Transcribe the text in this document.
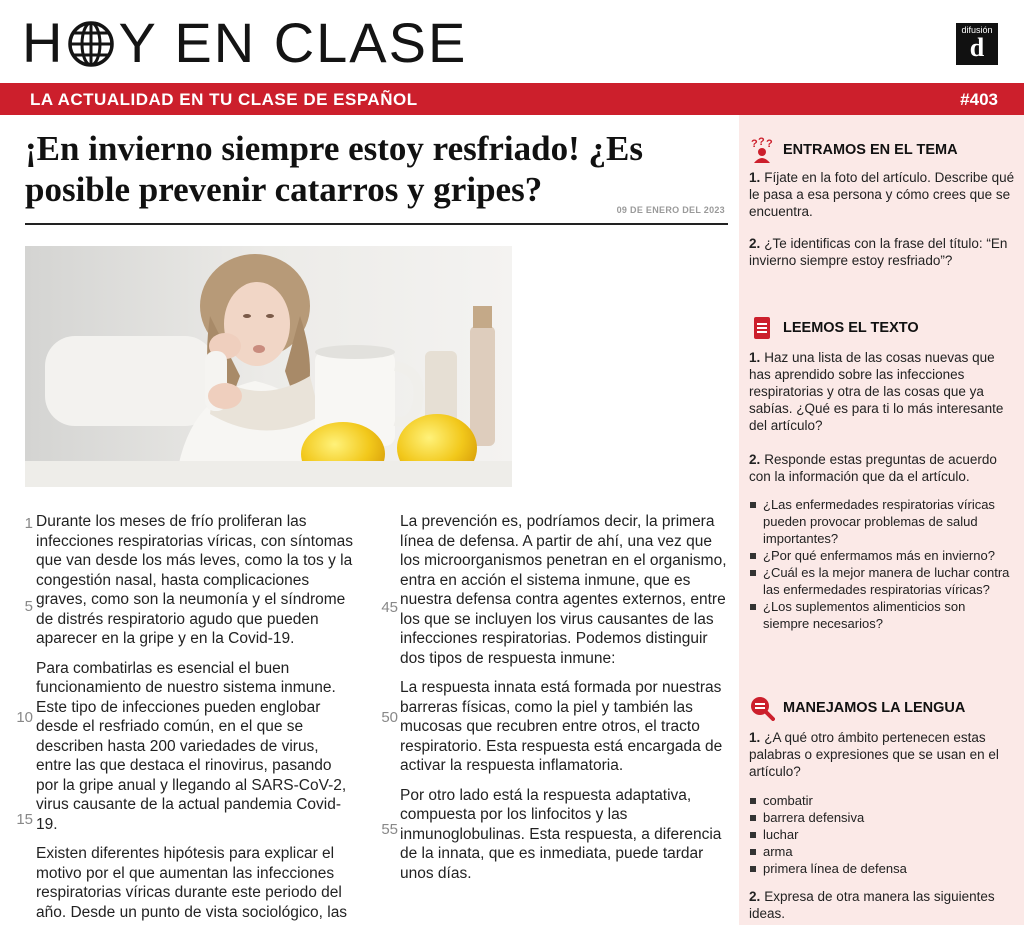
H Y EN CLASE	difusión
d
LA ACTUALIDAD EN TU CLASE DE ESPAÑOL	#403
¡En invierno siempre estoy resfriado! ¿Es posible prevenir catarros y gripes?
09 DE ENERO DEL 2023
1
5
10
15
45
50
55

Durante los meses de frío proliferan las infecciones respiratorias víricas, con síntomas que van desde los más leves, como la tos y la congestión nasal, hasta complicaciones graves, como son la neumonía y el síndrome de distrés respiratorio agudo que pueden aparecer en la gripe y en la Covid-19.

Para combatirlas es esencial el buen funcionamiento de nuestro sistema inmune. Este tipo de infecciones pueden englobar desde el resfriado común, en el que se describen hasta 200 variedades de virus, entre las que destaca el rinovirus, pasando por la gripe anual y llegando al SARS-CoV-2, virus causante de la actual pandemia Covid-19.

Existen diferentes hipótesis para explicar el motivo por el que aumentan las infecciones respiratorias víricas durante este periodo del año. Desde un punto de vista sociológico, las

La prevención es, podríamos decir, la primera línea de defensa. A partir de ahí, una vez que los microorganismos penetran en el organismo, entra en acción el sistema inmune, que es nuestra defensa contra agentes externos, entre los que se incluyen los virus causantes de las infecciones respiratorias. Podemos distinguir dos tipos de respuesta inmune:

La respuesta innata está formada por nuestras barreras físicas, como la piel y también las mucosas que recubren entre otros, el tracto respiratorio. Esta respuesta está encargada de activar la respuesta inflamatoria.

Por otro lado está la respuesta adaptativa, compuesta por los linfocitos y las inmunoglobulinas. Esta respuesta, a diferencia de la innata, que es inmediata, puede tardar unos días.

? ? ? ENTRAMOS EN EL TEMA
1. Fíjate en la foto del artículo. Describe qué le pasa a esa persona y cómo crees que se encuentra.
2. ¿Te identificas con la frase del título: “En invierno siempre estoy resfriado”?
LEEMOS EL TEXTO
1. Haz una lista de las cosas nuevas que has aprendido sobre las infecciones respiratorias y otra de las cosas que ya sabías. ¿Qué es para ti lo más interesante del artículo?
2. Responde estas preguntas de acuerdo con la información que da el artículo.
¿Las enfermedades respiratorias víricas pueden provocar problemas de salud importantes?
¿Por qué enfermamos más en invierno?
¿Cuál es la mejor manera de luchar contra las enfermedades respiratorias víricas?
¿Los suplementos alimenticios son siempre necesarios?
MANEJAMOS LA LENGUA
1. ¿A qué otro ámbito pertenecen estas palabras o expresiones que se usan en el artículo?
combatir
barrera defensiva
luchar
arma
primera línea de defensa
2. Expresa de otra manera las siguientes ideas.
